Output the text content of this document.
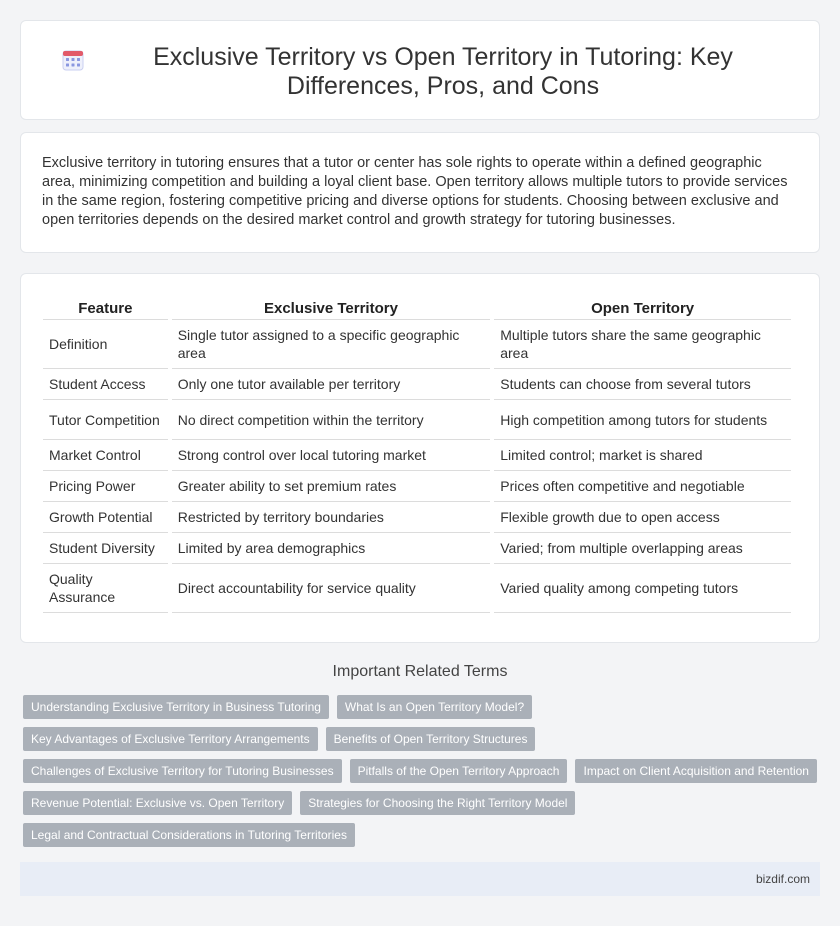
Exclusive Territory vs Open Territory in Tutoring: Key Differences, Pros, and Cons

Exclusive territory in tutoring ensures that a tutor or center has sole rights to operate within a defined geographic area, minimizing competition and building a loyal client base. Open territory allows multiple tutors to provide services in the same region, fostering competitive pricing and diverse options for students. Choosing between exclusive and open territories depends on the desired market control and growth strategy for tutoring businesses.

Feature	Exclusive Territory	Open Territory
Definition	Single tutor assigned to a specific geographic area	Multiple tutors share the same geographic area
Student Access	Only one tutor available per territory	Students can choose from several tutors
Tutor Competition	No direct competition within the territory	High competition among tutors for students
Market Control	Strong control over local tutoring market	Limited control; market is shared
Pricing Power	Greater ability to set premium rates	Prices often competitive and negotiable
Growth Potential	Restricted by territory boundaries	Flexible growth due to open access
Student Diversity	Limited by area demographics	Varied; from multiple overlapping areas
Quality Assurance	Direct accountability for service quality	Varied quality among competing tutors
Important Related Terms
Understanding Exclusive Territory in Business Tutoring	What Is an Open Territory Model?
Key Advantages of Exclusive Territory Arrangements	Benefits of Open Territory Structures
Challenges of Exclusive Territory for Tutoring Businesses	Pitfalls of the Open Territory Approach	Impact on Client Acquisition and Retention
Revenue Potential: Exclusive vs. Open Territory	Strategies for Choosing the Right Territory Model
Legal and Contractual Considerations in Tutoring Territories
bizdif.com
